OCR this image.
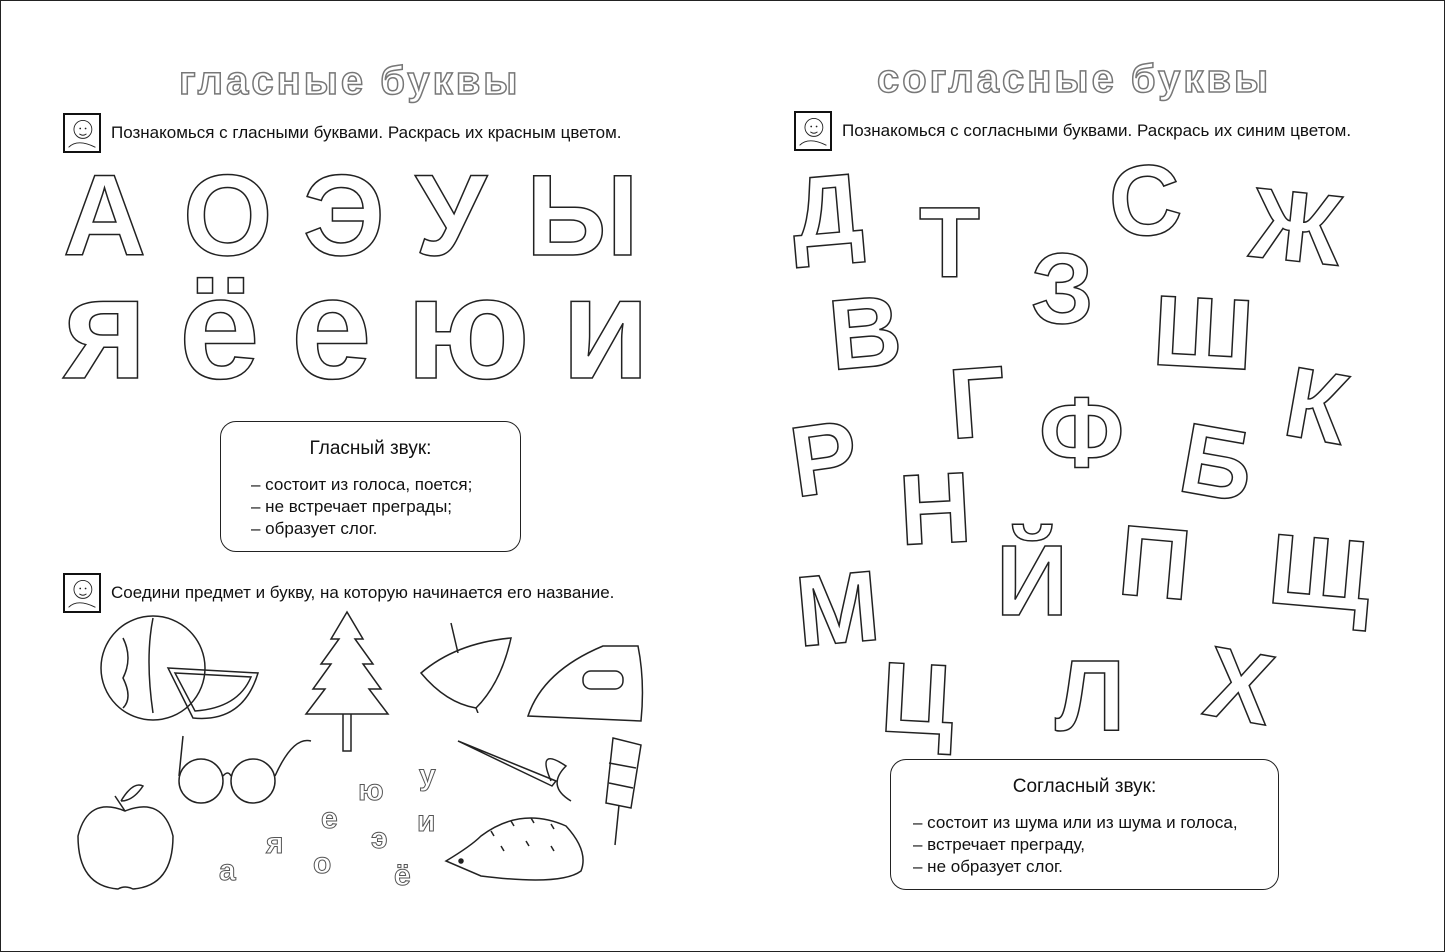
гласные буквы
Познакомься с гласными буквами. Раскрась их красным цветом.
А О Э У Ы
я ё е ю и
Гласный звук:
– состоит из голоса, поется;
– не встречает преграды;
– образует слог.
Соедини предмет и букву, на которую начинается его название.
а
я
о
е
ю
э
у
и
ё
согласные буквы
Познакомься с согласными буквами. Раскрась их синим цветом.
Д Т С Ж
З
В Ш
Г Ф К
Р	Б
Н
Й П Щ
М
Ц Л Х
Согласный звук:
– состоит из шума или из шума и голоса,
– встречает преграду,
– не образует слог.
